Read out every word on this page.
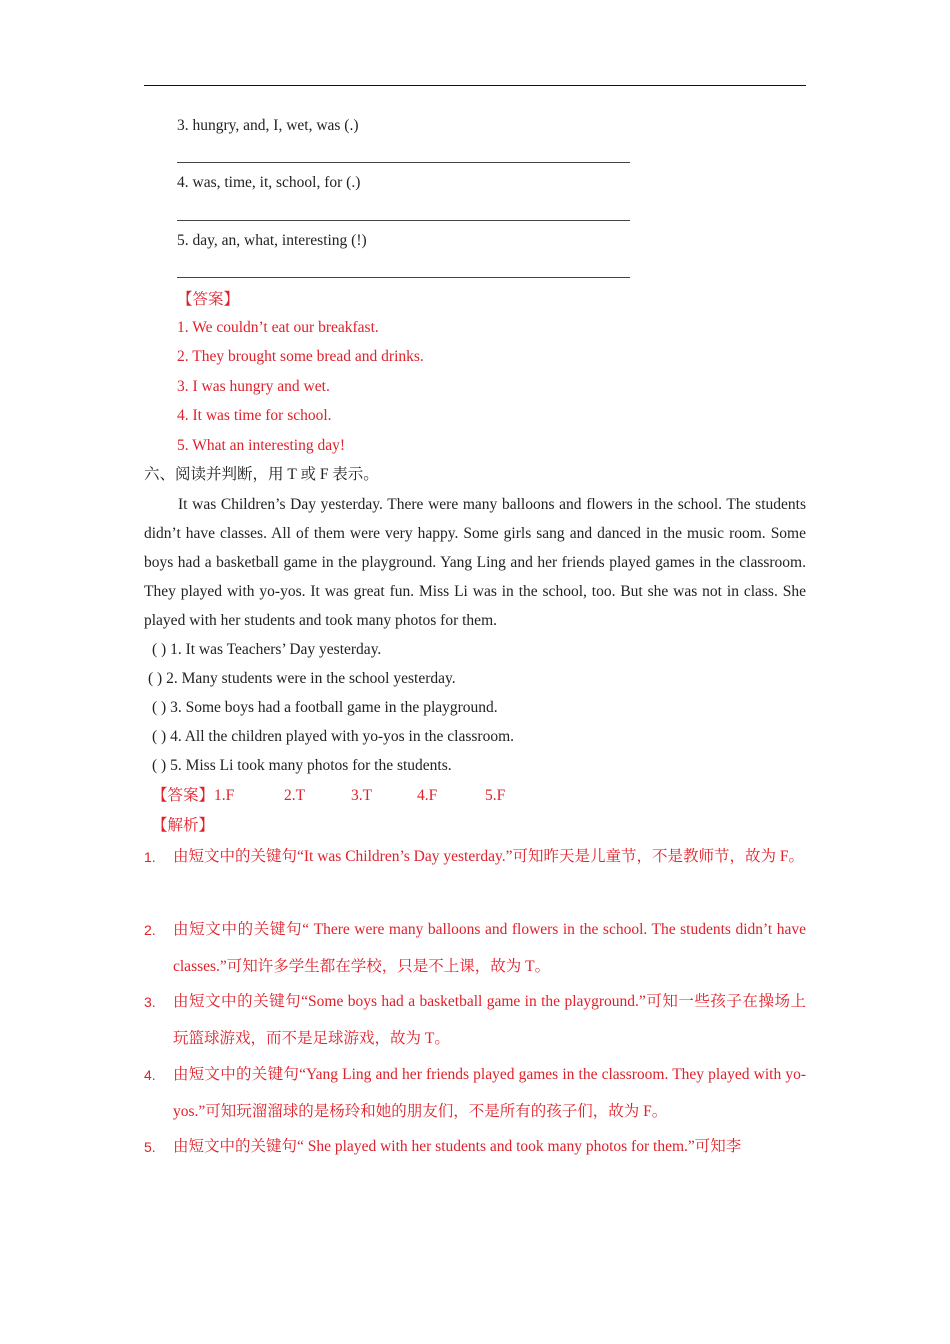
3. hungry, and, I, wet, was (.)
4. was, time, it, school, for (.)
5. day, an, what, interesting (!)
【答案】
1. We couldn’t eat our breakfast.
2. They brought some bread and drinks.
3. I was hungry and wet.
4. It was time for school.
5. What an interesting day!
六、阅读并判断，用 T 或 F 表示。

It was Children’s Day yesterday. There were many balloons and flowers in the school. The students didn’t have classes. All of them were very happy. Some girls sang and danced in the music room. Some boys had a basketball game in the playground. Yang Ling and her friends played games in the classroom. They played with yo-yos. It was great fun. Miss Li was in the school, too. But she was not in class. She played with her students and took many photos for them.

( ) 1. It was Teachers’ Day yesterday.
( ) 2. Many students were in the school yesterday.
( ) 3. Some boys had a football game in the playground.
( ) 4. All the children played with yo-yos in the classroom.
( ) 5. Miss Li took many photos for the students.
【答案】1.F	2.T	3.T	4.F	5.F
【解析】
1. 由短文中的关键句“It was Children’s Day yesterday.”可知昨天是儿童节，不是教师节，故为 F。

2. 由短文中的关键句“ There were many balloons and flowers in the school. The students didn’t have classes.”可知许多学生都在学校，只是不上课，故为 T。

3. 由短文中的关键句“Some boys had a basketball game in the playground.”可知一些孩子在操场上玩篮球游戏，而不是足球游戏，故为 T。

4. 由短文中的关键句“Yang Ling and her friends played games in the classroom. They played with yo-yos.”可知玩溜溜球的是杨玲和她的朋友们，不是所有的孩子们，故为 F。

5. 由短文中的关键句“ She played with her students and took many photos for them.”可知李
